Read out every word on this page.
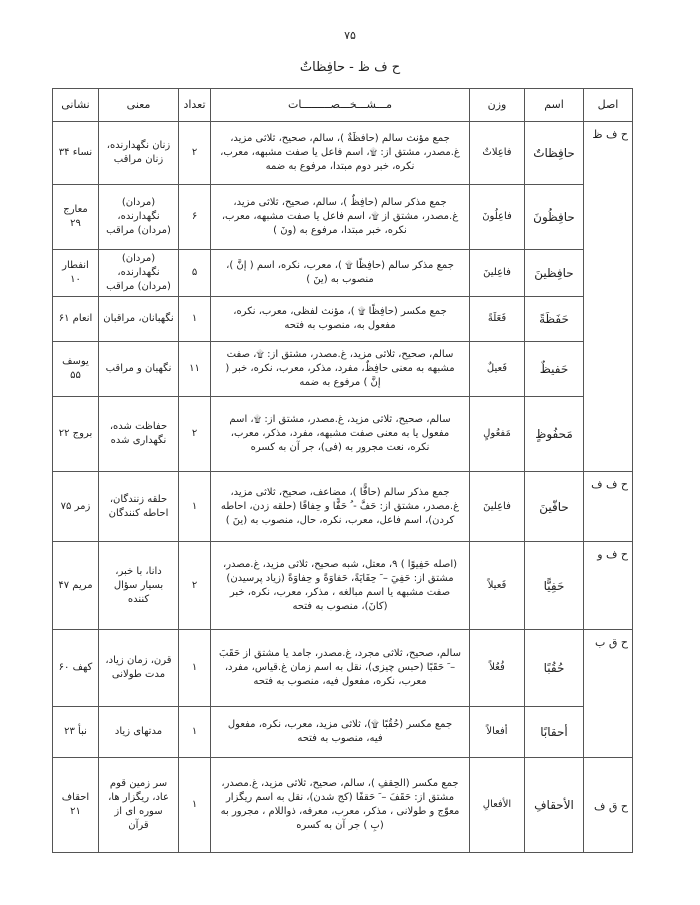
۷۵
ح ف ظ - حافِظاتٌ
اصل	اسم	وزن	مـــشـــخـــصـــــــــات	تعداد	معنی	نشانی
ح ف ظ	حافِظاتٌ	فاعِلاتٌ	جمع مؤنث سالم (حافظَةٌ )، سالم، صحیح، ثلاثی مزید، غ.مصدر، مشتق از: ۩، اسم فاعل یا صفت مشبهه، معرب، نکره، خبر دوم مبتدا، مرفوع به ضمه	۲	زنان نگهدارنده، زنان مراقب	نساء ۳۴
	حافِظُونَ	فاعِلُونَ	جمع مذکر سالم (حافِظٌ )، سالم، صحیح، ثلاثی مزید، غ.مصدر، مشتق از ۩، اسم فاعل یا صفت مشبهه، معرب، نکره، خبر مبتدا، مرفوع به (ونَ )	۶	(مردان) نگهدارنده، (مردان) مراقب	معارج ۲۹
	حافِظينَ	فاعِلينَ	جمع مذکر سالم (حافِظًا ۩ )، معرب، نکره، اسم ( إنَّ )، منصوب به (ينَ )	۵	(مردان) نگهدارنده، (مردان) مراقب	انفطار ۱۰
	حَفَظَةً	فَعَلَةً	جمع مکسر (حافِظًا ۩ )، مؤنث لفظی، معرب، نکره، مفعول به، منصوب به فتحه	۱	نگهبانان، مراقبان	انعام ۶۱
	حَفيظٌ	فَعيلٌ	سالم، صحیح، ثلاثی مزید، غ.مصدر، مشتق از: ۩، صفت مشبهه به معنی حافِظٌ، مفرد، مذکر، معرب، نکره، خبر ( إنَّ ) مرفوع به ضمه	۱۱	نگهبان و مراقب	یوسف ۵۵
	مَحفُوظٍ	مَفعُولٍ	سالم، صحیح، ثلاثی مزید، غ.مصدر، مشتق از: ۩، اسم مفعول یا به معنی صفت مشبهه، مفرد، مذکر، معرب، نکره، نعت مجرور به (فی)، جر آن به کسره	۲	حفاظت شده، نگهداری شده	بروج ۲۲
ح ف ف	حافّينَ	فاعِلينَ	جمع مذکر سالم (حافًّا )، مضاعف، صحیح، ثلاثی مزید، غ.مصدر، مشتق از: حَفَّ - ُ حَفًّا و حِفافًا (حلقه زدن، احاطه کردن)، اسم فاعل، معرب، نکره، حال، منصوب به (ينَ )	۱	حلقه زنندگان، احاطه کنندگان	زمر ۷۵
ح ف و	حَفِيًّا	فَعيلاً	(اصله حَفِيوًا ) ۹، معتل، شبه صحیح، ثلاثی مزید، غ.مصدر، مشتق از: حَفِيَ – َ حِفَايَةً، حَفاوَةً و حِفاوَةً (زیاد پرسیدن) صفت مشبهه یا اسم مبالغه ، مذکر، معرب، نکره، خبر (کانَ)، منصوب به فتحه	۲	دانا، با خبر، بسیار سؤال کننده	مریم ۴۷
ح ق ب	حُقُبًا	فُعُلاً	سالم، صحیح، ثلاثی مجرد، غ.مصدر، جامد یا مشتق از حَقَبَ – َ حَقَبًا (حبس چیزی)، نقل به اسم زمان غ.قیاس، مفرد، معرب، نکره، مفعول فیه، منصوب به فتحه	۱	قرن، زمان زیاد، مدت طولانی	کهف ۶۰
	أحقابًا	أفعالاً	جمع مکسر (حُقُبًا ۩)، ثلاثی مزید، معرب، نکره، مفعول فیه، منصوب به فتحه	۱	مدتهای زیاد	نبأ ۲۳
ح ق ف	الأحقافِ	الأفعالِ	جمع مکسر (الحِقفِ )، سالم، صحیح، ثلاثی مزید، غ.مصدر، مشتق از: حَقَفَ – َ حَقفًا (کج شدن)، نقل به اسم ریگزار معوّج و طولانی ، مذکر، معرب، معرفه، ذواللام ، مجرور به (بِ ) جر آن به کسره	۱	سر زمین قوم عاد، ریگزار ها، سوره ای از قرآن	احقاف ۲۱
